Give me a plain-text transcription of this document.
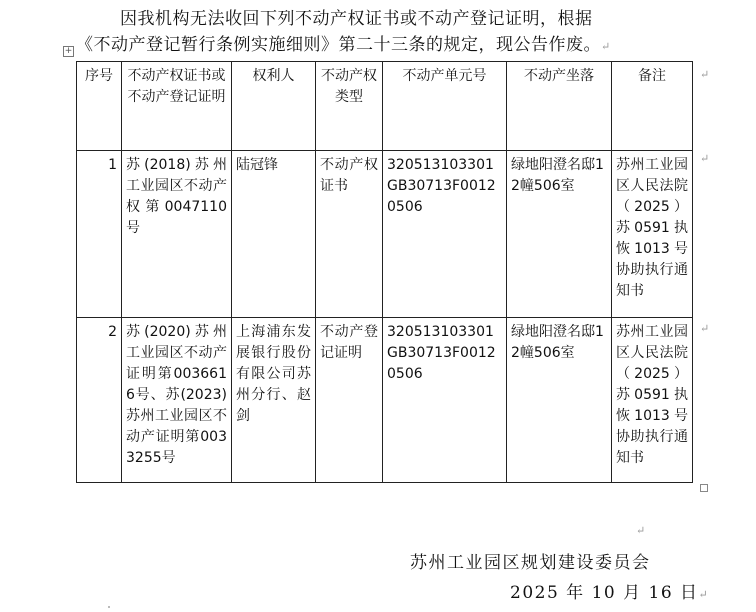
因我机构无法收回下列不动产权证书或不动产登记证明，根据
《不动产登记暂行条例实施细则》第二十三条的规定，现公告作废。↵
+
序号	不动产权证书或不动产登记证明	权利人	不动产权类型	不动产单元号	不动产坐落	备注
1	苏(2018)苏州工业园区不动产权第0047110号	陆冠锋	不动产权证书	320513103301GB30713F00120506	绿地阳澄名邸12幢506室	苏州工业园区人民法院（2025）苏0591执恢1013号协助执行通知书
2	苏(2020)苏州工业园区不动产证明第0036616号、苏(2023)苏州工业园区不动产证明第0033255号	上海浦东发展银行股份有限公司苏州分行、赵剑	不动产登记证明	320513103301GB30713F00120506	绿地阳澄名邸12幢506室	苏州工业园区人民法院（2025）苏0591执恢1013号协助执行通知书
↵
↵
↵
↵
苏州工业园区规划建设委员会
2025 年 10 月 16 日↵
